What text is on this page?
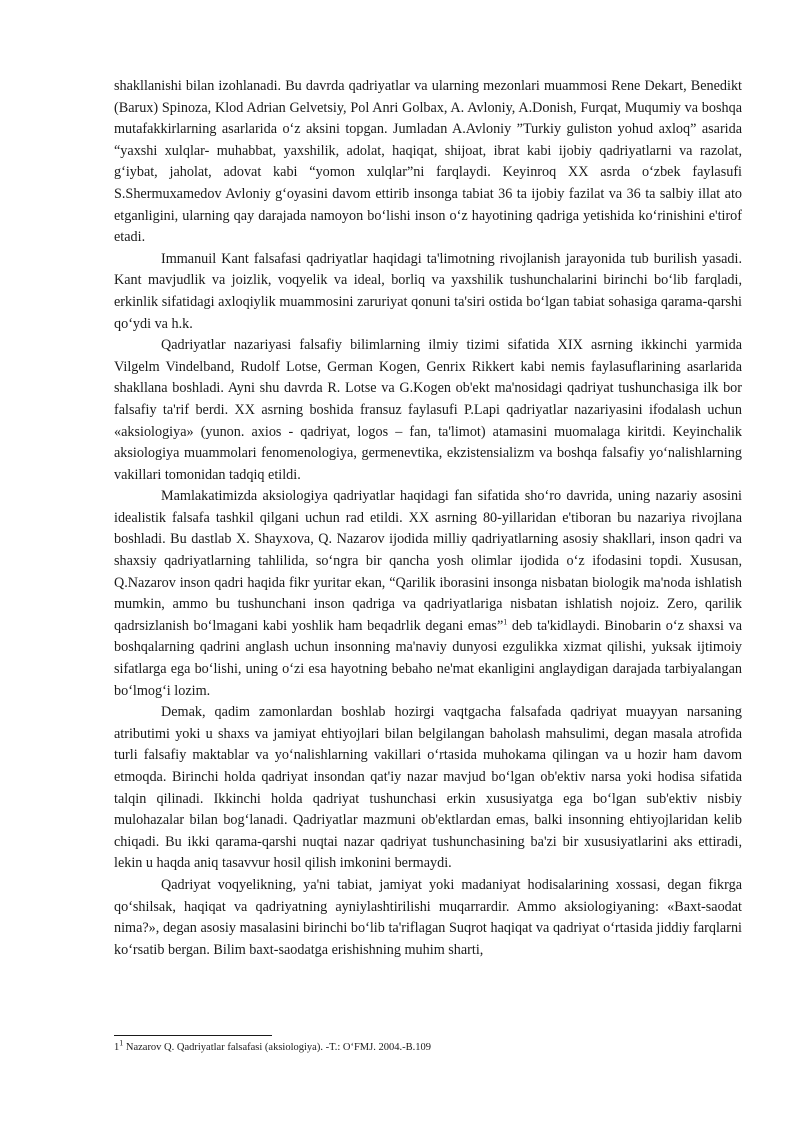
shakllanishi bilan izohlanadi. Bu davrda qadriyatlar va ularning mezonlari muammosi Rene Dekart, Benedikt (Barux) Spinoza, Klod Adrian Gelvetsiy, Pol Anri Golbax, A. Avloniy, A.Donish, Furqat, Muqumiy va boshqa mutafakkirlarning asarlarida o‘z aksini topgan. Jumladan A.Avloniy ”Turkiy guliston yohud axloq” asarida “yaxshi xulqlar- muhabbat, yaxshilik, adolat, haqiqat, shijoat, ibrat kabi ijobiy qadriyatlarni va razolat, g‘iybat, jaholat, adovat kabi “yomon xulqlar”ni farqlaydi. Keyinroq XX asrda o‘zbek faylasufi S.Shermuxamedov Avloniy g‘oyasini davom ettirib insonga tabiat 36 ta ijobiy fazilat va 36 ta salbiy illat ato etganligini, ularning qay darajada namoyon bo‘lishi inson o‘z hayotining qadriga yetishida ko‘rinishini e'tirof etadi.

Immanuil Kant falsafasi qadriyatlar haqidagi ta'limotning rivojlanish jarayonida tub burilish yasadi. Kant mavjudlik va joizlik, voqyelik va ideal, borliq va yaxshilik tushunchalarini birinchi bo‘lib farqladi, erkinlik sifatidagi axloqiylik muammosini zaruriyat qonuni ta'siri ostida bo‘lgan tabiat sohasiga qarama-qarshi qo‘ydi va h.k.

Qadriyatlar nazariyasi falsafiy bilimlarning ilmiy tizimi sifatida XIX asrning ikkinchi yarmida Vilgelm Vindelband, Rudolf Lotse, German Kogen, Genrix Rikkert kabi nemis faylasuflarining asarlarida shakllana boshladi. Ayni shu davrda R. Lotse va G.Kogen ob'ekt ma'nosidagi qadriyat tushunchasiga ilk bor falsafiy ta'rif berdi. XX asrning boshida fransuz faylasufi P.Lapi qadriyatlar nazariyasini ifodalash uchun «aksiologiya» (yunon. axios - qadriyat, logos – fan, ta'limot) atamasini muomalaga kiritdi. Keyinchalik aksiologiya muammolari fenomenologiya, germenevtika, ekzistensializm va boshqa falsafiy yo‘nalishlarning vakillari tomonidan tadqiq etildi.

Mamlakatimizda aksiologiya qadriyatlar haqidagi fan sifatida sho‘ro davrida, uning nazariy asosini idealistik falsafa tashkil qilgani uchun rad etildi. XX asrning 80-yillaridan e'tiboran bu nazariya rivojlana boshladi. Bu dastlab X. Shayxova, Q. Nazarov ijodida milliy qadriyatlarning asosiy shakllari, inson qadri va shaxsiy qadriyatlarning tahlilida, so‘ngra bir qancha yosh olimlar ijodida o‘z ifodasini topdi. Xususan, Q.Nazarov inson qadri haqida fikr yuritar ekan, “Qarilik iborasini insonga nisbatan biologik ma'noda ishlatish mumkin, ammo bu tushunchani inson qadriga va qadriyatlariga nisbatan ishlatish nojoiz. Zero, qarilik qadrsizlanish bo‘lmagani kabi yoshlik ham beqadrlik degani emas”$^1$ deb ta'kidlaydi. Binobarin o‘z shaxsi va boshqalarning qadrini anglash uchun insonning ma'naviy dunyosi ezgulikka xizmat qilishi, yuksak ijtimoiy sifatlarga ega bo‘lishi, uning o‘zi esa hayotning bebaho ne'mat ekanligini anglaydigan darajada tarbiyalangan bo‘lmog‘i lozim.

Demak, qadim zamonlardan boshlab hozirgi vaqtgacha falsafada qadriyat muayyan narsaning atributimi yoki u shaxs va jamiyat ehtiyojlari bilan belgilangan baholash mahsulimi, degan masala atrofida turli falsafiy maktablar va yo‘nalishlarning vakillari o‘rtasida muhokama qilingan va u hozir ham davom etmoqda. Birinchi holda qadriyat insondan qat'iy nazar mavjud bo‘lgan ob'ektiv narsa yoki hodisa sifatida talqin qilinadi. Ikkinchi holda qadriyat tushunchasi erkin xususiyatga ega bo‘lgan sub'ektiv nisbiy mulohazalar bilan bog‘lanadi. Qadriyatlar mazmuni ob'ektlardan emas, balki insonning ehtiyojlaridan kelib chiqadi. Bu ikki qarama-qarshi nuqtai nazar qadriyat tushunchasining ba'zi bir xususiyatlarini aks ettiradi, lekin u haqda aniq tasavvur hosil qilish imkonini bermaydi.

Qadriyat voqyelikning, ya'ni tabiat, jamiyat yoki madaniyat hodisalarining xossasi, degan fikrga qo‘shilsak, haqiqat va qadriyatning ayniylashtirilishi muqarrardir. Ammo aksiologiyaning: «Baxt-saodat nima?», degan asosiy masalasini birinchi bo‘lib ta'riflagan Suqrot haqiqat va qadriyat o‘rtasida jiddiy farqlarni ko‘rsatib bergan. Bilim baxt-saodatga erishishning muhim sharti,

$1^1$ Nazarov Q. Qadriyatlar falsafasi (aksiologiya). -T.: O‘FMJ. 2004.-B.109
